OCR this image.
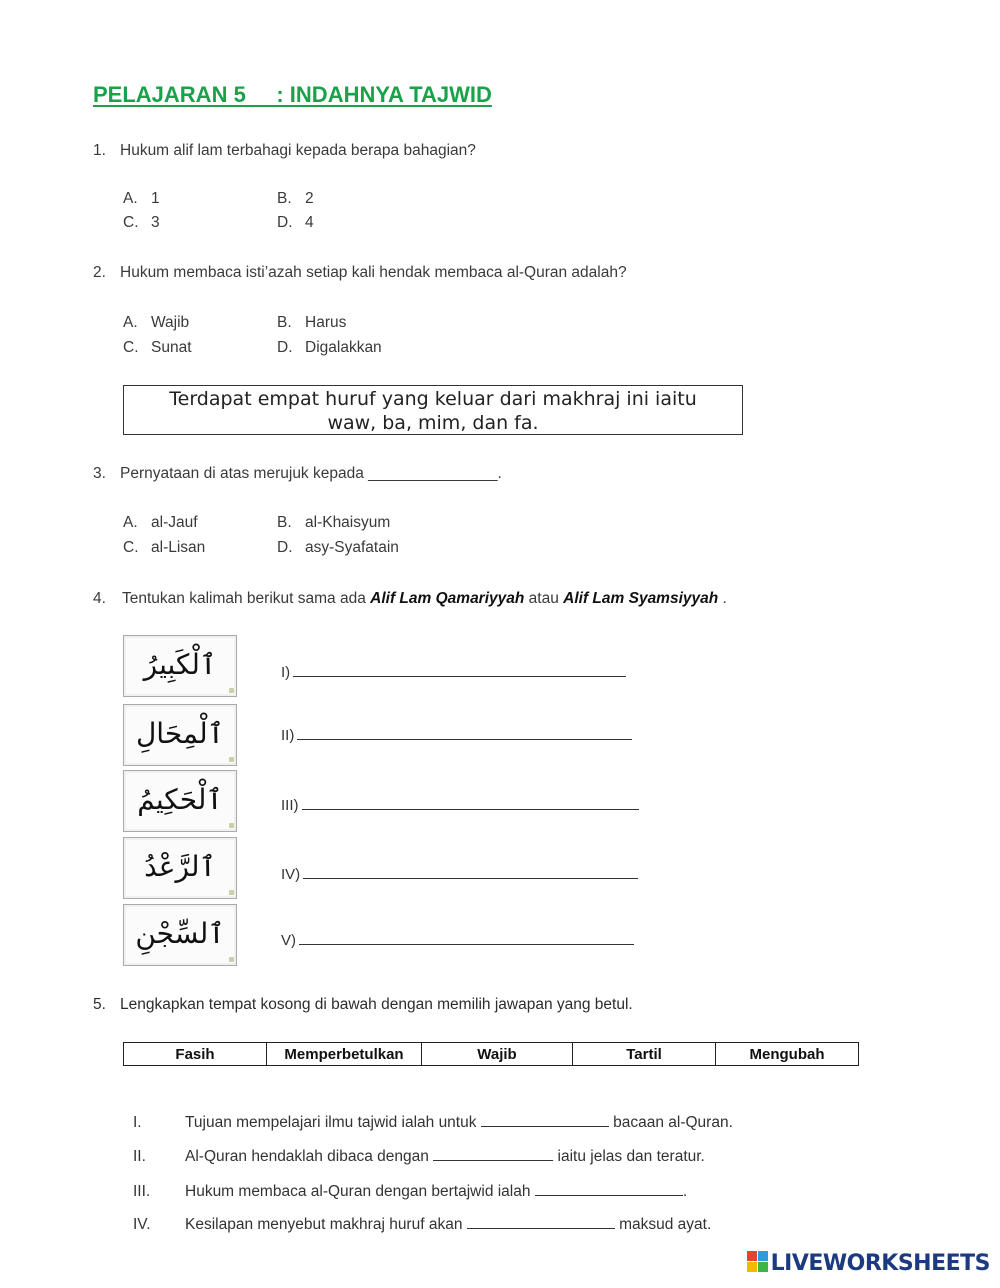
PELAJARAN 5     : INDAHNYA TAJWID
1. Hukum alif lam terbahagi kepada berapa bahagian?
A. 1	B. 2
C. 3	D. 4
2. Hukum membaca isti’azah setiap kali hendak membaca al-Quran adalah?
A. Wajib	B. Harus
C. Sunat	D. Digalakkan
Terdapat empat huruf yang keluar dari makhraj ini iaitu
waw, ba, mim, dan fa.
3. Pernyataan di atas merujuk kepada _______________.
A. al-Jauf	B. al-Khaisyum
C. al-Lisan	D. asy-Syafatain
4. Tentukan kalimah berikut sama ada Alif Lam Qamariyyah atau Alif Lam Syamsiyyah .
ٱلْكَبِيرُ	I)
ٱلْمِحَالِ	II)
ٱلْحَكِيمُ	III)
ٱلرَّعْدُ	IV)
ٱلسِّجْنِ	V)
5. Lengkapkan tempat kosong di bawah dengan memilih jawapan yang betul.
Fasih	Memperbetulkan	Wajib	Tartil	Mengubah
I.	Tujuan mempelajari ilmu tajwid ialah untuk	bacaan al-Quran.
II.	Al-Quran hendaklah dibaca dengan	iaitu jelas dan teratur.
III. Hukum membaca al-Quran dengan bertajwid ialah	.
IV. Kesilapan menyebut makhraj huruf akan	maksud ayat.
LIVEWORKSHEETS
